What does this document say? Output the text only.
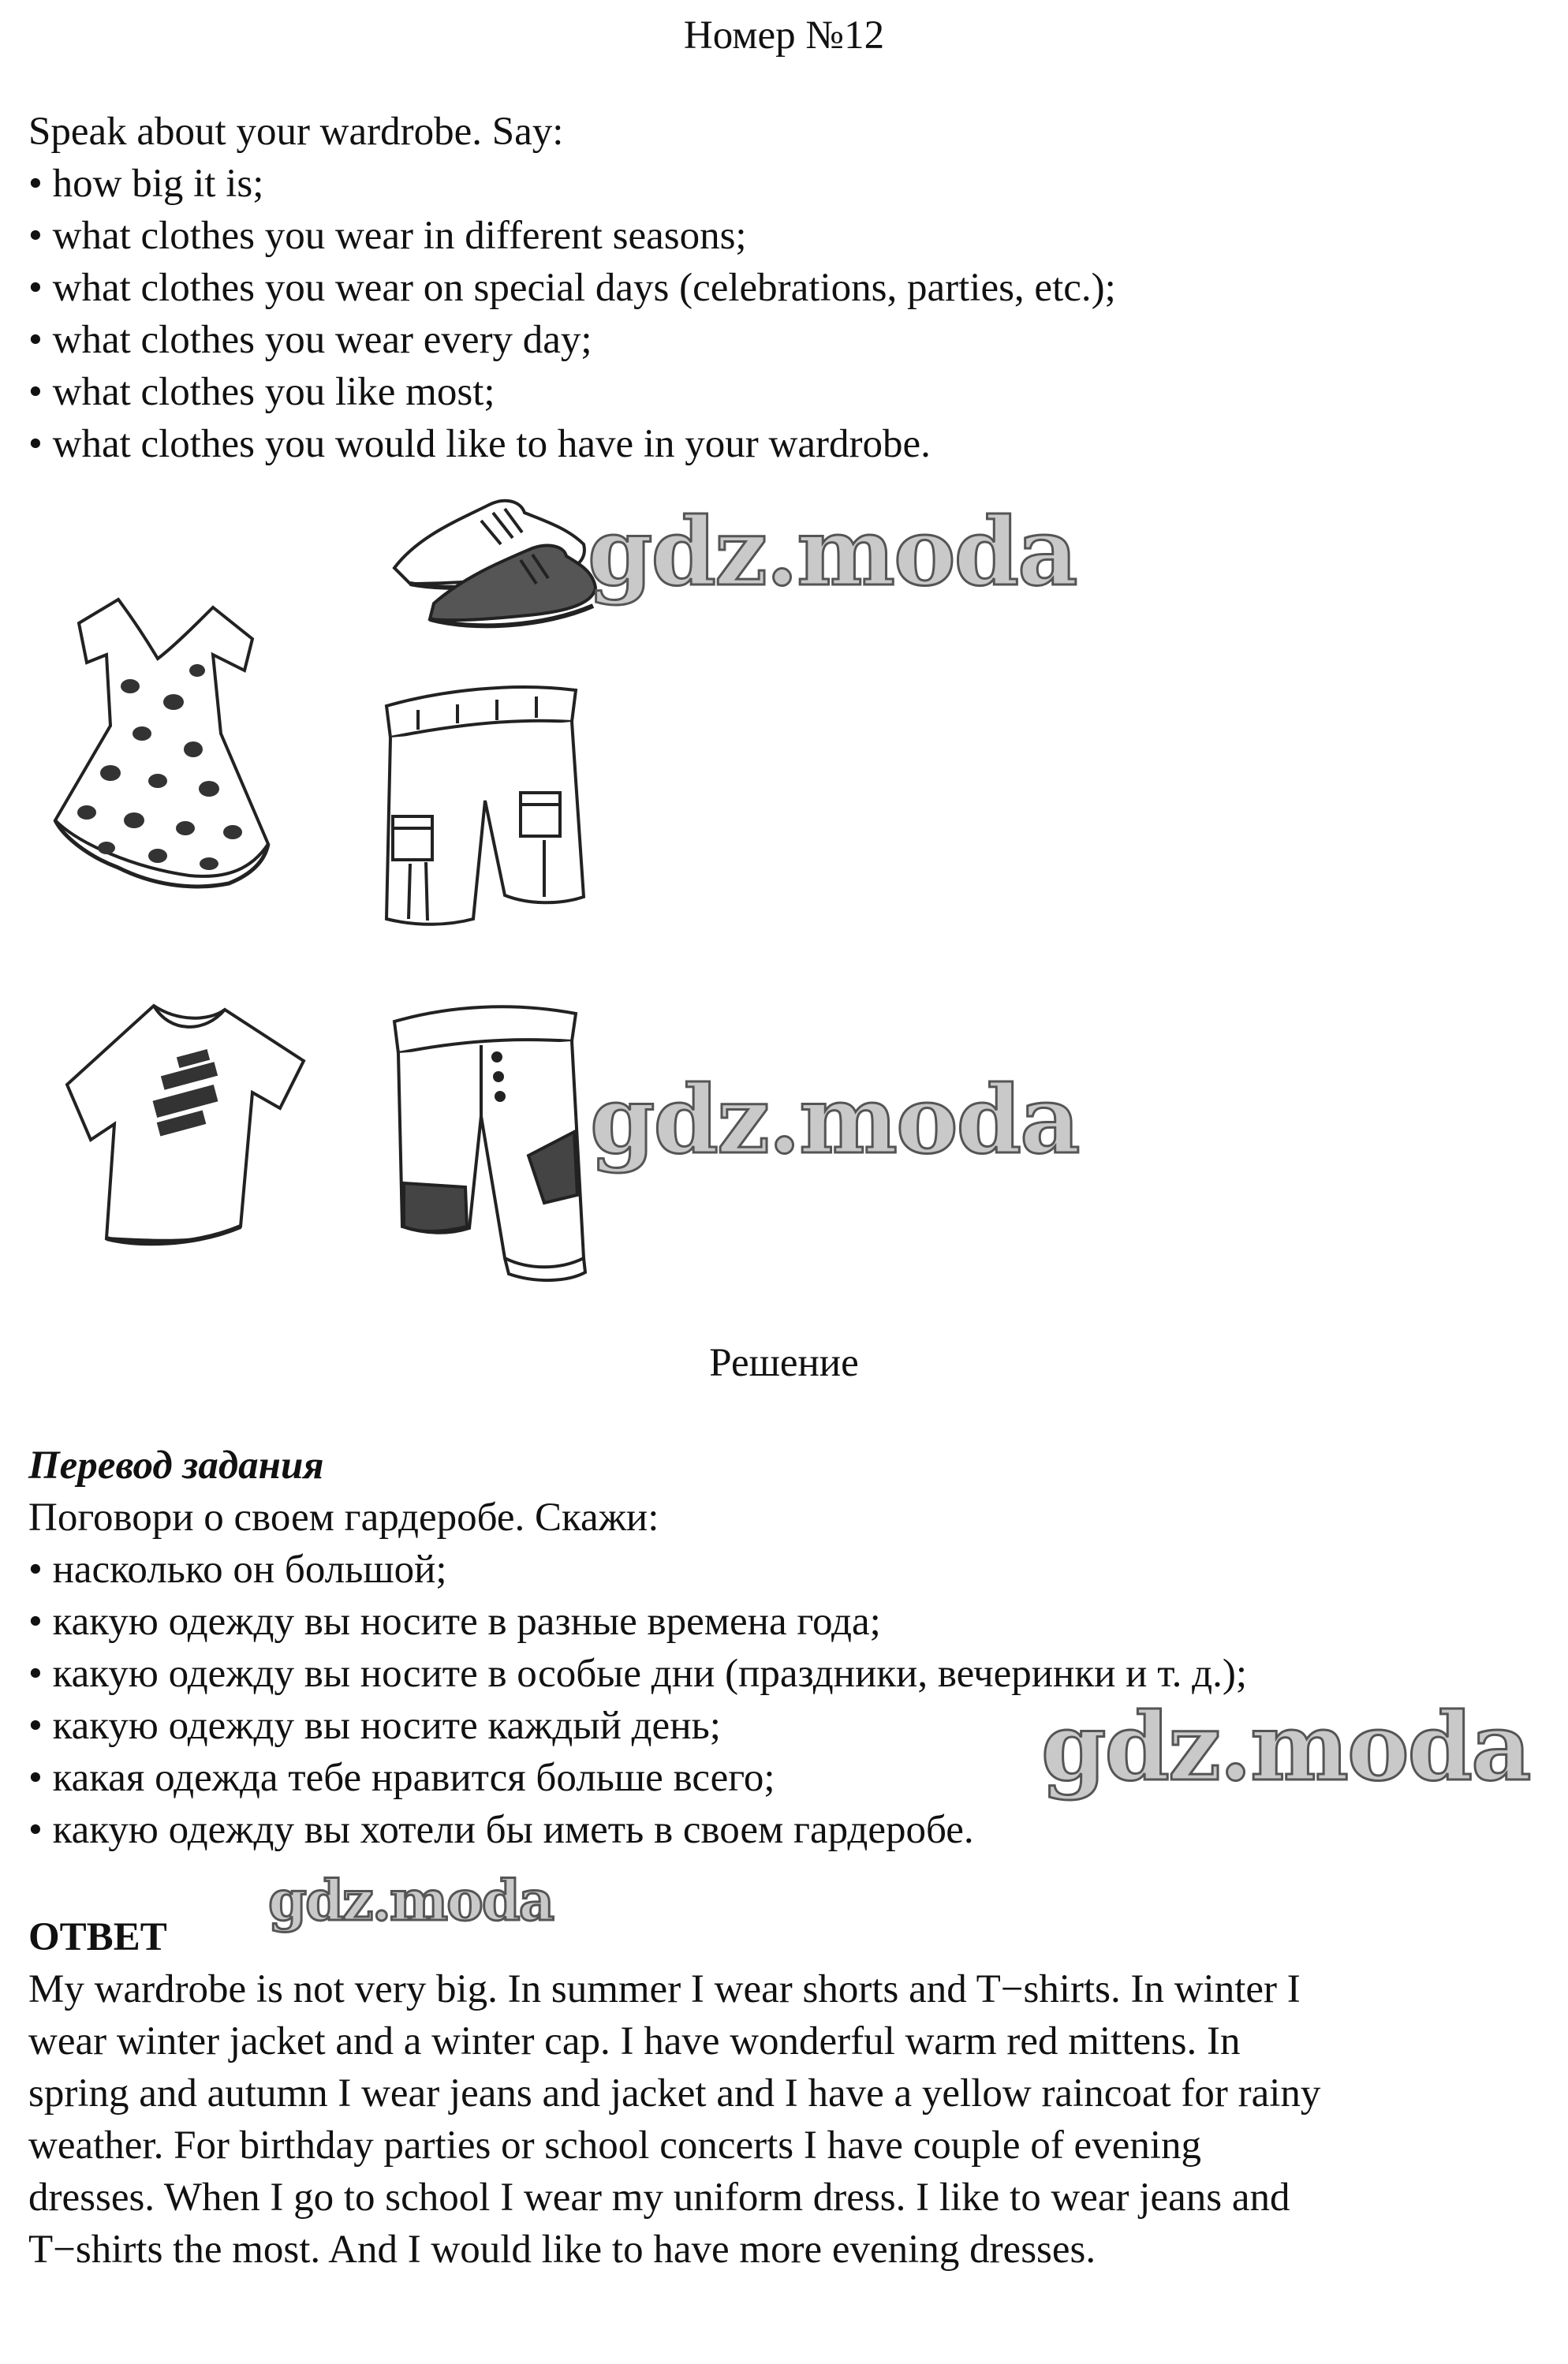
Номер №12
Speak about your wardrobe. Say:
• how big it is;
• what clothes you wear in different seasons;
• what clothes you wear on special days (celebrations, parties, etc.);
• what clothes you wear every day;
• what clothes you like most;
• what clothes you would like to have in your wardrobe.
gdz.moda
gdz.moda
gdz.moda
gdz.moda
Решение
Перевод задания
Поговори о своем гардеробе. Скажи:
• насколько он большой;
• какую одежду вы носите в разные времена года;
• какую одежду вы носите в особые дни (праздники, вечеринки и т. д.);
• какую одежду вы носите каждый день;
• какая одежда тебе нравится больше всего;
• какую одежду вы хотели бы иметь в своем гардеробе.
ОТВЕТ
My wardrobe is not very big. In summer I wear shorts and T−shirts. In winter I
wear winter jacket and a winter cap. I have wonderful warm red mittens. In
spring and autumn I wear jeans and jacket and I have a yellow raincoat for rainy
weather. For birthday parties or school concerts I have couple of evening
dresses. When I go to school I wear my uniform dress. I like to wear jeans and
T−shirts the most. And I would like to have more evening dresses.
